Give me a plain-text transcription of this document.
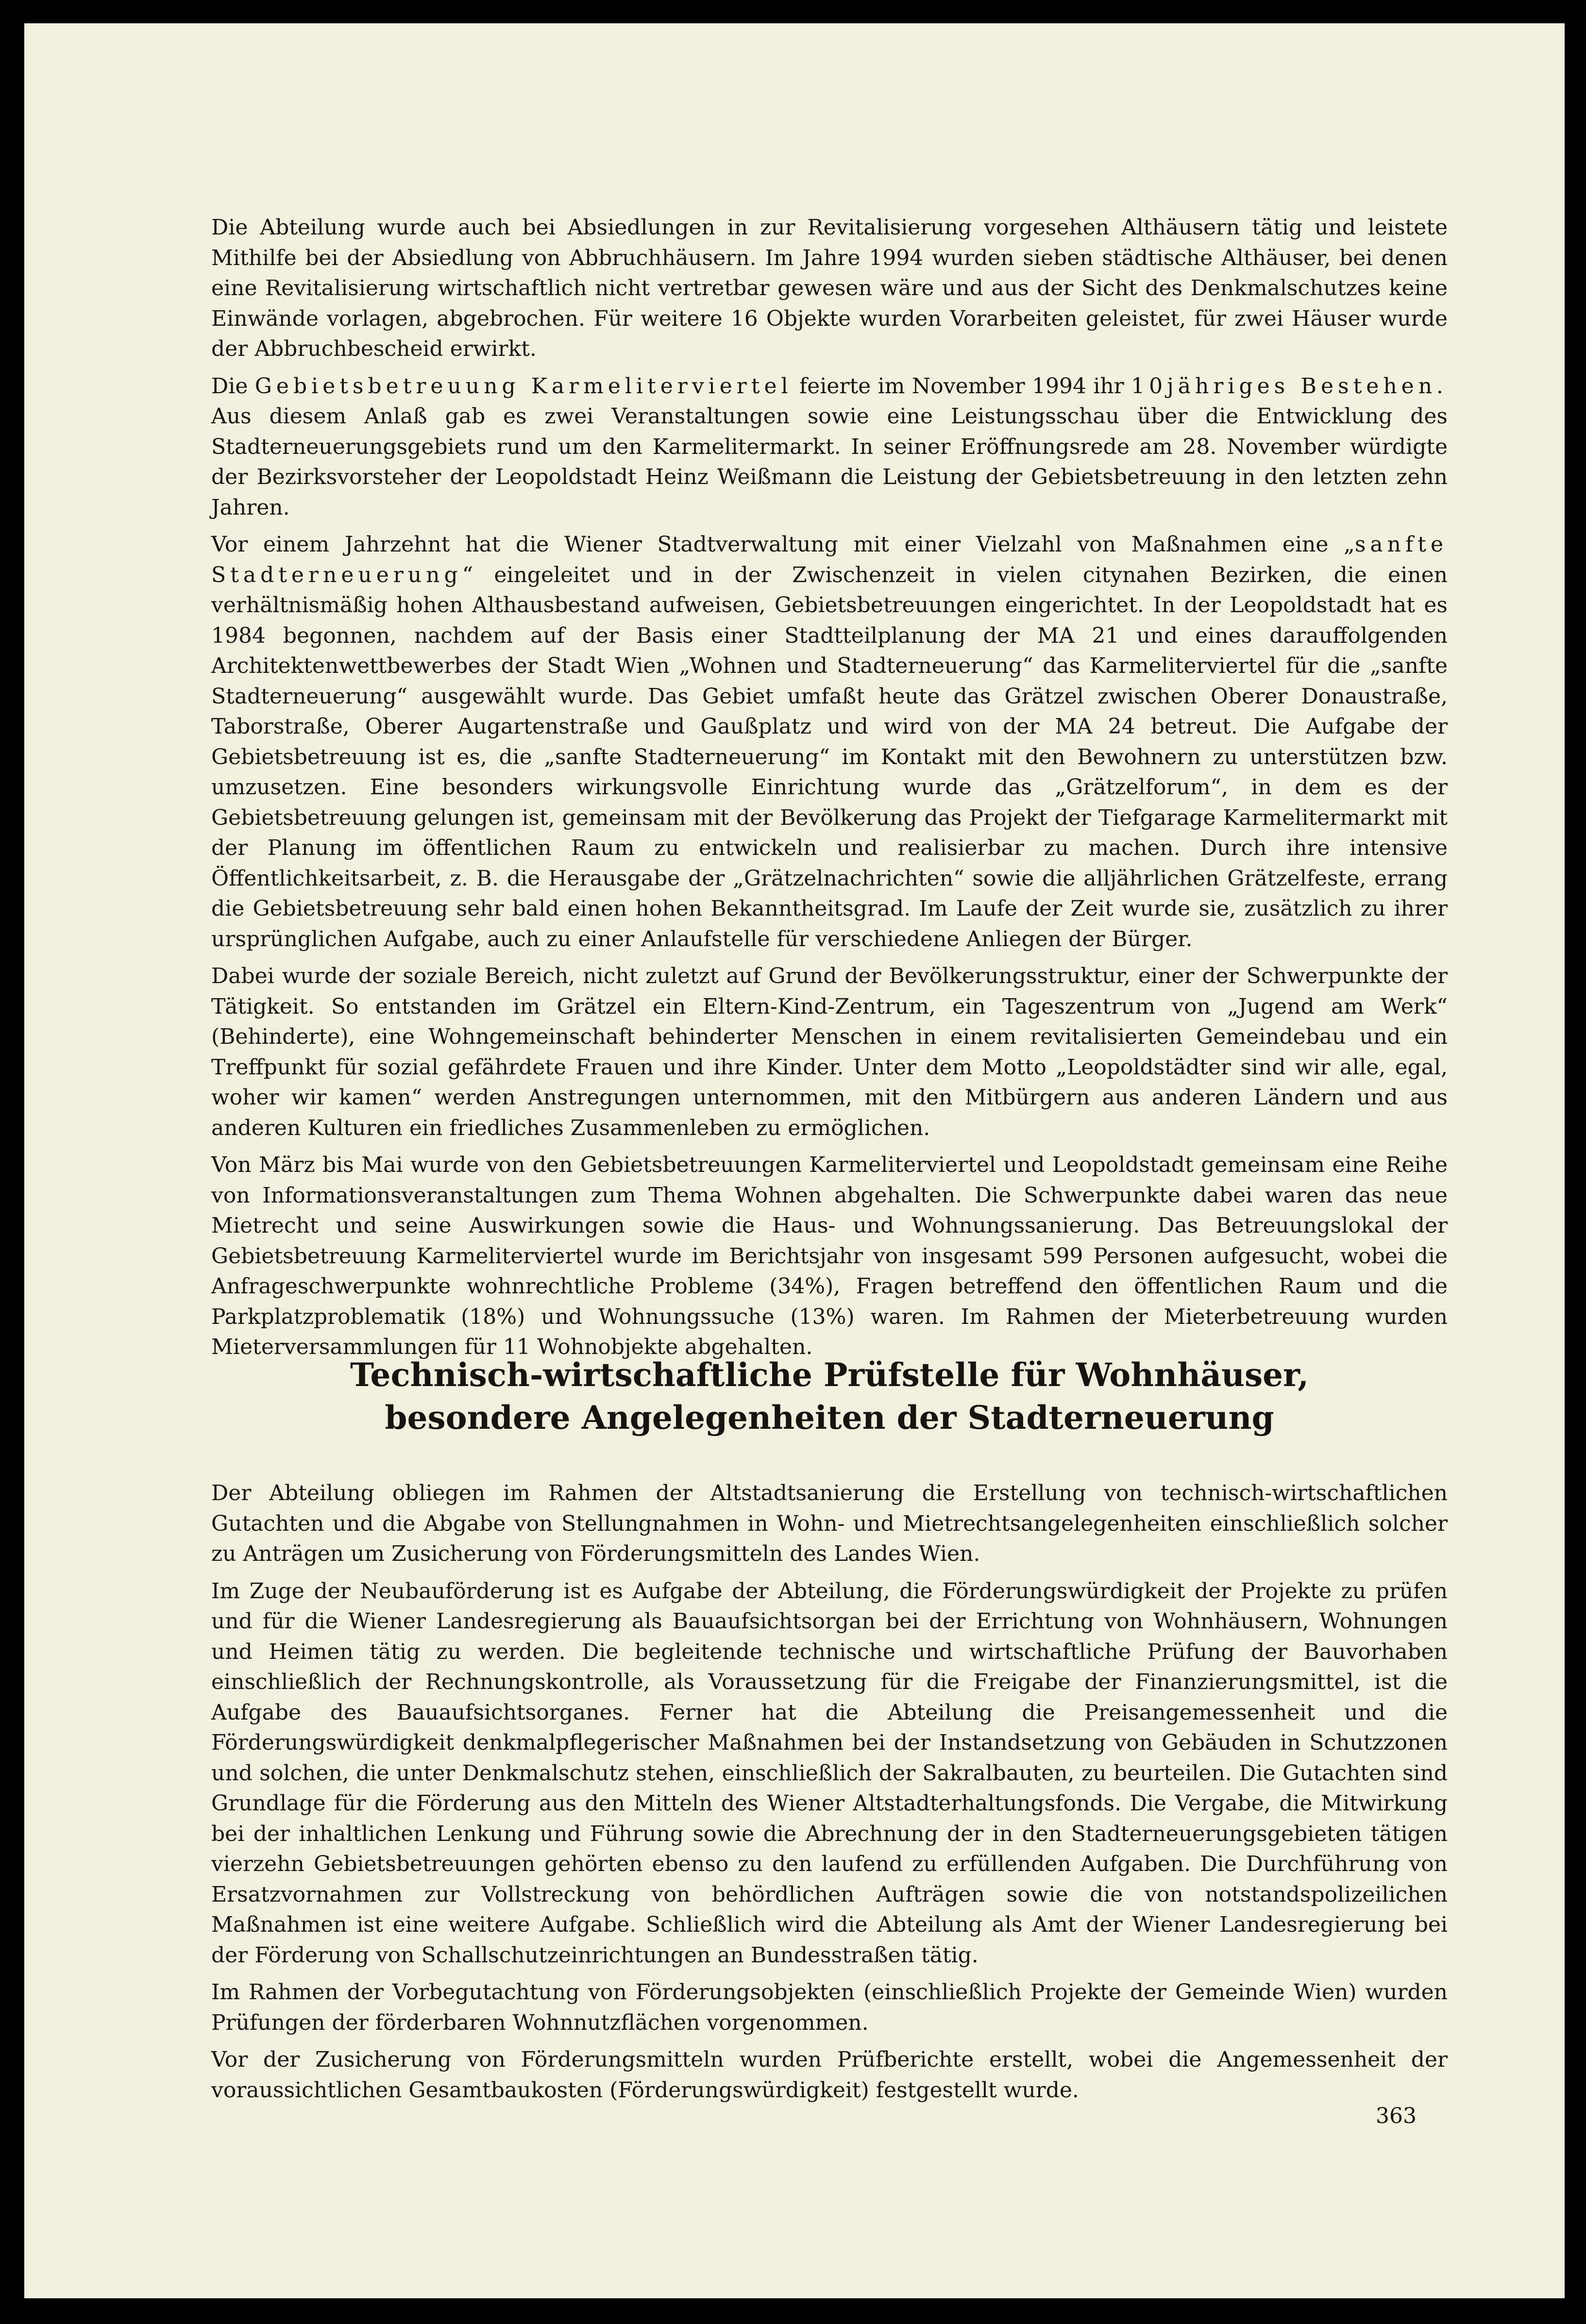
Die Abteilung wurde auch bei Absiedlungen in zur Revitalisierung vorgesehen Althäusern tätig und leistete Mithilfe bei der Absiedlung von Abbruchhäusern. Im Jahre 1994 wurden sieben städtische Althäuser, bei denen eine Revitalisierung wirtschaftlich nicht vertretbar gewesen wäre und aus der Sicht des Denkmalschutzes keine Einwände vorlagen, abgebrochen. Für weitere 16 Objekte wurden Vorarbeiten geleistet, für zwei Häuser wurde der Abbruchbescheid erwirkt.

Die Gebietsbetreuung Karmeliterviertel feierte im November 1994 ihr 10jähriges Bestehen. Aus diesem Anlaß gab es zwei Veranstaltungen sowie eine Leistungsschau über die Entwicklung des Stadterneuerungsgebiets rund um den Karmelitermarkt. In seiner Eröffnungsrede am 28. November würdigte der Bezirksvorsteher der Leopoldstadt Heinz Weißmann die Leistung der Gebietsbetreuung in den letzten zehn Jahren.

Vor einem Jahrzehnt hat die Wiener Stadtverwaltung mit einer Vielzahl von Maßnahmen eine „sanfte Stadterneuerung“ eingeleitet und in der Zwischenzeit in vielen citynahen Bezirken, die einen verhältnismäßig hohen Althausbestand aufweisen, Gebietsbetreuungen eingerichtet. In der Leopoldstadt hat es 1984 begonnen, nachdem auf der Basis einer Stadtteilplanung der MA 21 und eines darauffolgenden Architektenwettbewerbes der Stadt Wien „Wohnen und Stadterneuerung“ das Karmeliterviertel für die „sanfte Stadterneuerung“ ausgewählt wurde. Das Gebiet umfaßt heute das Grätzel zwischen Oberer Donaustraße, Taborstraße, Oberer Augartenstraße und Gaußplatz und wird von der MA 24 betreut. Die Aufgabe der Gebietsbetreuung ist es, die „sanfte Stadterneuerung“ im Kontakt mit den Bewohnern zu unterstützen bzw. umzusetzen. Eine besonders wirkungsvolle Einrichtung wurde das „Grätzelforum“, in dem es der Gebietsbetreuung gelungen ist, gemeinsam mit der Bevölkerung das Projekt der Tiefgarage Karmelitermarkt mit der Planung im öffentlichen Raum zu entwickeln und realisierbar zu machen. Durch ihre intensive Öffentlichkeitsarbeit, z. B. die Herausgabe der „Grätzelnachrichten“ sowie die alljährlichen Grätzelfeste, errang die Gebietsbetreuung sehr bald einen hohen Bekanntheitsgrad. Im Laufe der Zeit wurde sie, zusätzlich zu ihrer ursprünglichen Aufgabe, auch zu einer Anlaufstelle für verschiedene Anliegen der Bürger.

Dabei wurde der soziale Bereich, nicht zuletzt auf Grund der Bevölkerungsstruktur, einer der Schwerpunkte der Tätigkeit. So entstanden im Grätzel ein Eltern-Kind-Zentrum, ein Tageszentrum von „Jugend am Werk“ (Behinderte), eine Wohngemeinschaft behinderter Menschen in einem revitalisierten Gemeindebau und ein Treffpunkt für sozial gefährdete Frauen und ihre Kinder. Unter dem Motto „Leopoldstädter sind wir alle, egal, woher wir kamen“ werden Anstregungen unternommen, mit den Mitbürgern aus anderen Ländern und aus anderen Kulturen ein friedliches Zusammenleben zu ermöglichen.

Von März bis Mai wurde von den Gebietsbetreuungen Karmeliterviertel und Leopoldstadt gemeinsam eine Reihe von Informationsveranstaltungen zum Thema Wohnen abgehalten. Die Schwerpunkte dabei waren das neue Mietrecht und seine Auswirkungen sowie die Haus- und Wohnungssanierung. Das Betreuungslokal der Gebietsbetreuung Karmeliterviertel wurde im Berichtsjahr von insgesamt 599 Personen aufgesucht, wobei die Anfrageschwerpunkte wohnrechtliche Probleme (34%), Fragen betreffend den öffentlichen Raum und die Parkplatzproblematik (18%) und Wohnungssuche (13%) waren. Im Rahmen der Mieterbetreuung wurden Mieterversammlungen für 11 Wohnobjekte abgehalten.

Technisch-wirtschaftliche Prüfstelle für Wohnhäuser,
besondere Angelegenheiten der Stadterneuerung

Der Abteilung obliegen im Rahmen der Altstadtsanierung die Erstellung von technisch-wirtschaftlichen Gutachten und die Abgabe von Stellungnahmen in Wohn- und Mietrechtsangelegenheiten einschließlich solcher zu Anträgen um Zusicherung von Förderungsmitteln des Landes Wien.

Im Zuge der Neubauförderung ist es Aufgabe der Abteilung, die Förderungswürdigkeit der Projekte zu prüfen und für die Wiener Landesregierung als Bauaufsichtsorgan bei der Errichtung von Wohnhäusern, Wohnungen und Heimen tätig zu werden. Die begleitende technische und wirtschaftliche Prüfung der Bauvorhaben einschließlich der Rechnungskontrolle, als Voraussetzung für die Freigabe der Finanzierungsmittel, ist die Aufgabe des Bauaufsichtsorganes. Ferner hat die Abteilung die Preisangemessenheit und die Förderungswürdigkeit denkmalpflegerischer Maßnahmen bei der Instandsetzung von Gebäuden in Schutzzonen und solchen, die unter Denkmalschutz stehen, einschließlich der Sakralbauten, zu beurteilen. Die Gutachten sind Grundlage für die Förderung aus den Mitteln des Wiener Altstadterhaltungsfonds. Die Vergabe, die Mitwirkung bei der inhaltlichen Lenkung und Führung sowie die Abrechnung der in den Stadterneuerungsgebieten tätigen vierzehn Gebietsbetreuungen gehörten ebenso zu den laufend zu erfüllenden Aufgaben. Die Durchführung von Ersatzvornahmen zur Vollstreckung von behördlichen Aufträgen sowie die von notstandspolizeilichen Maßnahmen ist eine weitere Aufgabe. Schließlich wird die Abteilung als Amt der Wiener Landesregierung bei der Förderung von Schallschutzeinrichtungen an Bundesstraßen tätig.

Im Rahmen der Vorbegutachtung von Förderungsobjekten (einschließlich Projekte der Gemeinde Wien) wurden Prüfungen der förderbaren Wohnnutzflächen vorgenommen.

Vor der Zusicherung von Förderungsmitteln wurden Prüfberichte erstellt, wobei die Angemessenheit der voraussichtlichen Gesamtbaukosten (Förderungswürdigkeit) festgestellt wurde.

363
